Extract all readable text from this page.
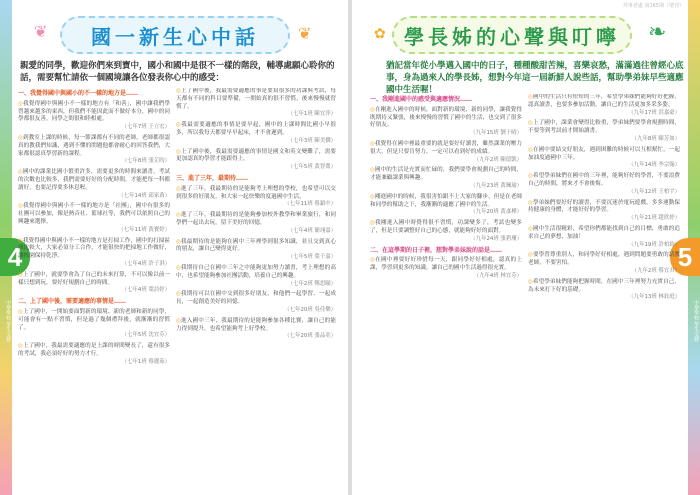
中華學校 學生文藝
4
❦	❦
國一新生心中話
親愛的同學，歡迎你們來到寶中，國小和國中是很不一樣的階段，輔導處願心聆你的話，需要幫忙請依一個國境讓各位發表你心中的感受：
一、我覺得國中與國小的不一樣的地方是……
◎我覺得國中與國小不一樣的地方有「和善」，國中讓我們學習越來越多的東西，但我們不能因此而不做好本分，國中的同學都很友善，同學之間很和睦相處。
（七年7班 王立宏）
◎到教室上課的時候，每一節課都有不同的老師，老師都很認真的教我們知識，遇到不懂的問題他都會耐心的回答我們，大家都很認真學習新的課程。
（七年8班 張芷昀）
◎國中的課業比國小繁重許多，需要更多的時間來讀書，考試的次數也比較多，我們需要好好的分配時間，才能把每一科都讀好，也要記得要多休息喔。
（七年14班 邱家萬）
◎我覺得國中與國小不一樣的地方是「社團」，國中有很多的社團可以參加，像是熱音社、籃球社等，我們可以依照自己的興趣來選擇。
（七年11班 黃寶婷）
◎我覺得國中與國小不一樣的地方是打掃工作，國中的打掃區域比較大，大家必須分工合作，才能很快的把掃地工作做好，讓校園保持乾淨。
（七年4班 許子淇）
◎上了國中，就要學會為了自己的未來打算，不可以像以前一樣只想到玩，要好好規劃自己的時間。
（七年4班 葉詩婷）
二、上了國中後，需要適應的事情是……
◎上了國中，一開始要面對新的環境、新的老師和新的同學，可能會有一點不習慣，但是過了幾個禮拜後，就漸漸的習慣了。
（七年5班 沈宜芬）
◎上了國中，我最需要適應的是上課的時間變長了，還有很多的考試，我必須好好的努力才行。
（七年1班 蔡麗茹）
◎上了國中後，我最需要適應的事是要寫很多的功課與考試，每天都有不同的科目要準備，一開始真的很不習慣，後來慢慢就習慣了。
（七年1班 陳宜萍）
◎我最需要適應的事情是要早起，國中的上課時間比國小早很多，所以我每天都要早早起床，才不會遲到。
（七年3班 陳美嫺）
◎上了國中後，我最需要適應的事情是國文和英文變難了，需要更加認真的學習才能跟得上。
（七年5班 黃智喬）
三、進了三年，最期待……
◎進了三年，我最期待的是能夠考上理想的學校，也希望可以交到很多的好朋友，和大家一起快樂的度過國中生活。
（七年11班 蔡鎮中）
◎進了三年，我最期待的是能夠參加校外教學和畢業旅行，和同學們一起出去玩，留下美好的回憶。
（七年4班 簡翊嘉）
◎我最期待的是能夠在國中三年裡學到很多知識，並且交到真心的朋友，讓自己變得更好。
（七年5班 葉千嘉）
◎我期待自己在國中三年之中能夠更加努力讀書，考上理想的高中，也希望能夠參加社團活動，培養自己的興趣。
（七年2班 鄭思頤）
◎我期待可以在國中交到很多好朋友，和他們一起學習、一起成長，一起創造美好的回憶。
（七年20班 吳佳樂）
◎進入國中三年，我最期待的是能夠參加各種比賽，讓自己的能力得到提升，也希望能夠考上好學校。
（七年20班 張品奕）
外事老處 第165期（增刊）
中華學校 學生文藝
5
✿	❧
學長姊的心聲與叮嚀
猶記當年從小學邁入國中的日子，種種酸甜苦辣，喜樂哀愁，滿滿過往曾經心底事，身為過來人的學長姊，想對今年這一屆新鮮人說些話，幫助學弟妹早些適應國中生活喔！
一、我剛進國中的感受與適應情況……
◎在剛進入國中的時候，面對新的環境、新的同學，讓我覺得既期待又緊張，後來慢慢的習慣了國中的生活，也交到了很多好朋友。
（九年15班 劉于晴）
◎我覺得在國中裡最重要的就是要好好讀書，雖然課業的壓力很大，但是只要肯努力，一定可以看到好的成績。
（九年2班 陳億凱）
◎國中的生活是充實而忙碌的，我們要學會規劃自己的時間，才能兼顧課業與興趣。
（九年23班 黃珮瑜）
◎剛進國中的時候，我很害怕跟不上大家的腳步，但是在老師和同學的幫助之下，我漸漸的適應了國中的生活。
（九年20班 黃彥樺）
◎我剛進入國中時覺得很不習慣，功課變多了，考試也變多了，但是只要調整好自己的心態，就能夠好好的面對。
（九年24班 張碧珊）
二、在這學期的日子裡，想對學弟妹說的話是……
◎在國中裡要好好珍惜每一天，跟同學好好相處，認真的上課，學習到更多的知識，讓自己的國中生活過得很充實。
（九年4班 林宜芬）
◎國中的生活只有短短的三年，希望學弟妹們能夠好好把握，認真讀書，也要多參加活動，讓自己的生活更加多采多姿。
（九年17班 洪嘉豪）
◎上了國中，課業會變得比較重，學弟妹們要學會規劃時間，不要等到考試前才開始讀書。
（九年8班 陳芳如）
◎在國中要結交好朋友，遇到困難的時候可以互相幫忙，一起加油度過國中三年。
（九年14班 李宗翰）
◎希望學弟妹們在國中的三年裡，能夠好好的學習，不要浪費自己的時間，將來才不會後悔。
（九年12班 王柏宇）
◎學弟妹們要好好的讀書，不要沉迷於電玩遊戲，多多運動保持健康的身體，才能好好的學習。
（九年21班 趙欣妤）
◎國中生活很精彩，希望你們都能找到自己的目標，勇敢的追求自己的夢想，加油！
（九年19班 許柏鈞）
◎要學習尊重別人，和同學好好相處，遇到問題要勇敢的請教老師，不要害怕。
（九年2班 蔡宜君）
◎希望學弟妹們能夠把握時間，在國中三年裡努力充實自己，為未來打下好的基礎。
（九年13班 林鈺庭）
